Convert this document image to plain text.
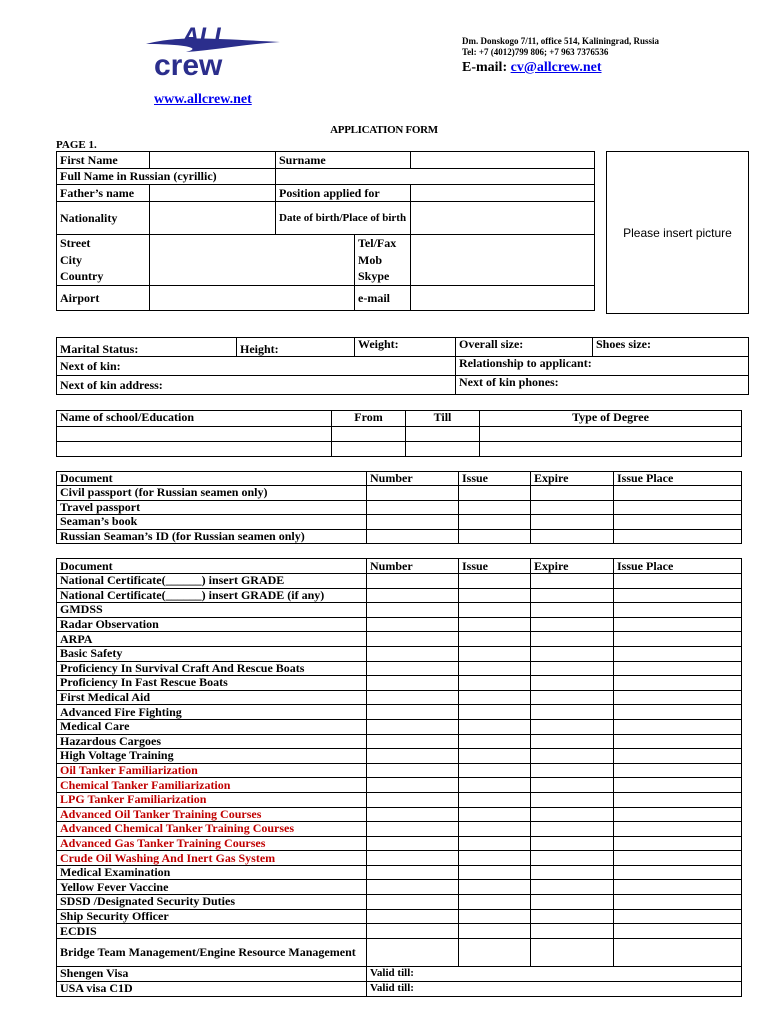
ALL
crew
Dm. Donskogo 7/11, office 514, Kaliningrad, Russia
Tel: +7 (4012)799 806; +7 963 7376536
E-mail: cv@allcrew.net
www.allcrew.net
APPLICATION FORM
PAGE 1.
First Name		Surname		
Full Name in Russian (cyrillic)				
Father’s name		Position applied for		
Nationality		Date of birth/Place of birth		
Street			Tel/Fax	
City			Mob	
Country			Skype	
Airport			e-mail	
Please insert picture
Marital Status:	Height:	Weight:	Overall size:	Shoes size:
Next of kin:			Relationship to applicant:	
Next of kin address:			Next of kin phones:	
Name of school/Education	From	Till	Type of Degree

Document	Number	Issue	Expire	Issue Place
Civil passport (for Russian seamen only)				
Travel passport				
Seaman’s book				
Russian Seaman’s ID (for Russian seamen only)				
Document	Number	Issue	Expire	Issue Place
National Certificate(______) insert GRADE				
National Certificate(______) insert GRADE (if any)				
GMDSS				
Radar Observation				
ARPA				
Basic Safety				
Proficiency In Survival Craft And Rescue Boats				
Proficiency In Fast Rescue Boats				
First Medical Aid				
Advanced Fire Fighting				
Medical Care				
Hazardous Cargoes				
High Voltage Training				
Oil Tanker Familiarization				
Chemical Tanker Familiarization				
LPG Tanker Familiarization				
Advanced Oil Tanker Training Courses				
Advanced Chemical Tanker Training Courses				
Advanced Gas Tanker Training Courses				
Crude Oil Washing And Inert Gas System				
Medical Examination				
Yellow Fever Vaccine				
SDSD /Designated Security Duties				
Ship Security Officer				
ECDIS				
Bridge Team Management/Engine Resource Management				
Shengen Visa	Valid till:			
USA visa C1D	Valid till:			
